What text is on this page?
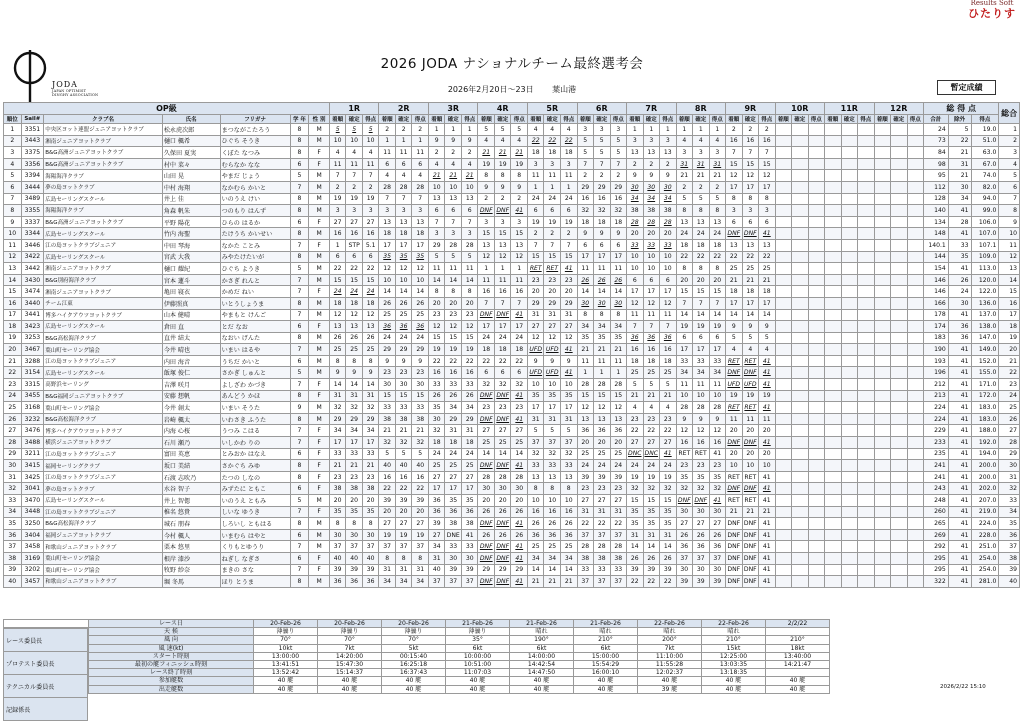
Results Soft
ひたりす
JODA
JAPAN OPTIMIST
DINGHY ASSOCIATION
2026 JODA ナショナルチーム最終選考会
2026年2月20日～23日 葉山港	暫定成績
OP級							1R			2R			3R			4R			5R			6R			7R			8R			9R			10R			11R			12R			総 得 点			総合
順位	Sail#	クラブ名	氏名	フリガナ	学 年	性 別	着順	確定	得点	着順	確定	得点	着順	確定	得点	着順	確定	得点	着順	確定	得点	着順	確定	得点	着順	確定	得点	着順	確定	得点	着順	確定	得点	着順	確定	得点	着順	確定	得点	着順	確定	得点	合計	除外	得点	
1	3351	中央区ヨット連盟ジュニアヨットクラブ	松永虎次郎	まつながこたろう	8	M	5	5	5	2	2	2	1	1	1	5	5	5	4	4	4	3	3	3	1	1	1	1	1	1	2	2	2										24	5	19.0	1
2	3443	湘南ジュニアヨットクラブ	樋口 楓希	ひぐち そうき	8	M	10	10	10	1	1	1	9	9	9	4	4	4	22	22	22	5	5	5	3	3	3	4	4	4	16	16	16										73	22	51.0	2
3	3375	B&G高洲ジュニアヨットクラブ	久保田 夏実	くぼた なつみ	8	F	4	4	4	11	11	11	2	2	2	21	21	21	18	18	18	5	5	5	13	13	13	3	3	3	7	7	7										84	21	63.0	3
4	3356	B&G高洲ジュニアヨットクラブ	村中 菜々	むらなか なな	6	F	11	11	11	6	6	6	4	4	4	19	19	19	3	3	3	7	7	7	2	2	2	31	31	31	15	15	15										98	31	67.0	4
5	3394	海陽海洋クラブ	山田 晃	やまだ じょう	5	M	7	7	7	4	4	4	21	21	21	8	8	8	11	11	11	2	2	2	9	9	9	21	21	21	12	12	12										95	21	74.0	5
6	3444	夢の島ヨットクラブ	中村 海翔	なかむら かいと	7	M	2	2	2	28	28	28	10	10	10	9	9	9	1	1	1	29	29	29	30	30	30	2	2	2	17	17	17										112	30	82.0	6
7	3489	広島セーリングスクール	井上 佳	いのうえ けい	8	M	19	19	19	7	7	7	13	13	13	2	2	2	24	24	24	16	16	16	34	34	34	5	5	5	8	8	8										128	34	94.0	7
8	3355	海陽海洋クラブ	角森 帆朱	つのもり はんず	8	M	3	3	3	3	3	3	6	6	6	DNF	DNF	41	6	6	6	32	32	32	38	38	38	8	8	8	3	3	3										140	41	99.0	8
9	3337	B&G高洲ジュニアヨットクラブ	平野 陽花	ひらの はるか	6	F	27	27	27	13	13	13	7	7	7	3	3	3	19	19	19	18	18	18	28	28	28	13	13	13	6	6	6										134	28	106.0	9
10	3344	広島セーリングスクール	竹内 海聖	たけうち かいせい	8	M	16	16	16	18	18	18	3	3	3	15	15	15	2	2	2	9	9	9	20	20	20	24	24	24	DNF	DNF	41										148	41	107.0	10
11	3446	江の島ヨットクラブジュニア	中田 琴海	なかた ことみ	7	F	1	STP	5.1	17	17	17	29	28	28	13	13	13	7	7	7	6	6	6	33	33	33	18	18	18	13	13	13										140.1	33	107.1	11
12	3422	広島セーリングスクール	宮武 大我	みやたけたいが	8	M	6	6	6	35	35	35	5	5	5	12	12	12	15	15	15	17	17	17	10	10	10	22	22	22	22	22	22										144	35	109.0	12
13	3442	湘南ジュニアヨットクラブ	樋口 耀紀	ひぐち ようき	5	M	22	22	22	12	12	12	11	11	11	1	1	1	RET	RET	41	11	11	11	10	10	10	8	8	8	25	25	25										154	41	113.0	13
14	3430	B&G別府海洋クラブ	宮本 蓮斗	かさぎ れんと	7	M	15	15	15	10	10	10	14	14	14	11	11	11	23	23	23	26	26	26	6	6	6	20	20	20	21	21	21										146	26	120.0	14
15	3474	湘南ジュニアヨットクラブ	亀田 寝衣	かめだ ねい	7	F	24	24	24	14	14	14	8	8	8	16	16	16	20	20	20	14	14	14	17	17	17	15	15	15	18	18	18										146	24	122.0	15
16	3440	チーム江東	伊藤照真	いとうしょうま	8	M	18	18	18	26	26	26	20	20	20	7	7	7	29	29	29	30	30	30	12	12	12	7	7	7	17	17	17										166	30	136.0	16
17	3441	博多ハイクアウツヨットクラブ	山本 健晴	やまもと けんご	7	M	12	12	12	25	25	25	23	23	23	DNF	DNF	41	31	31	31	8	8	8	11	11	11	14	14	14	14	14	14										178	41	137.0	17
18	3423	広島セーリングスクール	倉田 直	とだ なお	6	F	13	13	13	36	36	36	12	12	12	17	17	17	27	27	27	34	34	34	7	7	7	19	19	19	9	9	9										174	36	138.0	18
19	3253	B&G高松海洋クラブ	直井 結太	なおい げんた	8	M	26	26	26	24	24	24	15	15	15	24	24	24	12	12	12	35	35	35	36	36	36	6	6	6	5	5	5										183	36	147.0	19
20	3467	葉山町セーリング協会	今井 晴也	いまい はるや	7	M	25	25	25	29	29	29	19	19	19	18	18	18	UFD	UFD	41	21	21	21	16	16	16	17	17	17	4	4	4										190	41	149.0	20
21	3288	江の島ヨットクラブジュニア	内田 海音	うちだ かいと	6	M	8	8	8	9	9	9	22	22	22	22	22	22	9	9	9	11	11	11	18	18	18	33	33	33	RET	RET	41										193	41	152.0	21
22	3154	広島セーリングスクール	飯塚 俊仁	さかぎ しゅんと	5	M	9	9	9	23	23	23	16	16	16	6	6	6	UFD	UFD	41	1	1	1	25	25	25	34	34	34	DNF	DNF	41										196	41	155.0	22
23	3315	高野浜セーリング	吉澤 咲月	よしざわ かづき	7	F	14	14	14	30	30	30	33	33	33	32	32	32	10	10	10	28	28	28	5	5	5	11	11	11	UFD	UFD	41										212	41	171.0	23
24	3455	B&G福岡ジュニアヨットクラブ	安藤 想帆	あんどう かほ	8	F	31	31	31	15	15	15	26	26	26	DNF	DNF	41	35	35	35	15	15	15	21	21	21	10	10	10	19	19	19										213	41	172.0	24
25	3168	葉山町セーリング協会	今井 創太	いまい そうた	9	M	32	32	32	33	33	33	35	34	34	23	23	23	17	17	17	12	12	12	4	4	4	28	28	28	RET	RET	41										224	41	183.0	25
26	3232	B&G高松海洋クラブ	岩崎 楓太	いわさき ふうた	8	M	29	29	29	38	38	38	30	29	29	DNF	DNF	41	31	31	31	13	13	13	23	23	23	9	9	9	11	11	11										224	41	183.0	26
27	3476	博多ハイクアウツヨットクラブ	内海 心桜	うつみ こはる	7	F	34	34	34	21	21	21	32	31	31	27	27	27	5	5	5	36	36	36	22	22	22	12	12	12	20	20	20										229	41	188.0	27
28	3488	横浜ジュニアヨットクラブ	石川 瀬乃	いしかわ りの	7	F	17	17	17	32	32	32	18	18	18	25	25	25	37	37	37	20	20	20	27	27	27	16	16	16	DNF	DNF	41										233	41	192.0	28
29	3211	江の島ヨットクラブジュニア	富田 英恵	とみおか はなえ	6	F	33	33	33	5	5	5	24	24	24	14	14	14	32	32	32	25	25	25	DNC	DNC	41	RET	RET	41	20	20	20										235	41	194.0	29
30	3415	福岡セーリングクラブ	坂口 美結	さかぐち みゆ	8	F	21	21	21	40	40	40	25	25	25	DNF	DNF	41	33	33	33	24	24	24	24	24	24	23	23	23	10	10	10										241	41	200.0	30
31	3425	江の島ヨットクラブジュニア	石渡 志吹乃	たつの しなの	8	F	23	23	23	16	16	16	27	27	27	28	28	28	13	13	13	39	39	39	19	19	19	35	35	35	RET	RET	41										241	41	200.0	31
32	3041	夢の島ヨットクラブ	水谷 智子	みずたに ともこ	6	F	38	38	38	22	22	22	17	17	17	30	30	30	8	8	8	23	23	23	32	32	32	32	32	32	DNF	DNF	41										243	41	202.0	32
33	3470	広島セーリングスクール	井上 智偲	いのうえ ともみ	5	M	20	20	20	39	39	39	36	35	35	20	20	20	10	10	10	27	27	27	15	15	15	DNF	DNF	41	RET	RET	41										248	41	207.0	33
34	3448	江の島ヨットクラブジュニア	椎名 悠貴	しいな ゆうき	7	F	35	35	35	20	20	20	36	36	36	26	26	26	16	16	16	31	31	31	35	35	35	30	30	30	21	21	21										260	41	219.0	34
35	3250	B&G高松海洋クラブ	城石 朋春	しろいし ともはる	8	M	8	8	8	27	27	27	39	38	38	DNF	DNF	41	26	26	26	22	22	22	35	35	35	27	27	27	DNF	DNF	41										265	41	224.0	35
36	3404	福岡ジュニアヨットクラブ	今村 楓人	いまむら はやと	6	M	30	30	30	19	19	19	27	DNE	41	26	26	26	36	36	36	37	37	37	31	31	31	26	26	26	DNF	DNF	41										269	41	228.0	36
37	3458	和歌山ジュニアヨットクラブ	栗本 悠里	くりもとゆうり	7	M	37	37	37	37	37	37	34	33	33	DNF	DNF	41	25	25	25	28	28	28	14	14	14	36	36	36	DNF	DNF	41										292	41	251.0	37
38	3169	葉山町セーリング協会	根岸 漆沙	ねぎし なぎさ	6	F	40	40	40	8	8	8	31	30	30	DNF	DNF	41	34	34	34	38	38	38	26	26	26	37	37	37	DNF	DNF	41										295	41	254.0	38
39	3202	葉山町セーリング協会	牧野 紗奈	まきの さな	7	F	39	39	39	31	31	31	40	39	39	29	29	29	14	14	14	33	33	33	39	39	39	30	30	30	DNF	DNF	41										295	41	254.0	39
40	3457	和歌山ジュニアヨットクラブ	堀 冬馬	ほり とうま	8	M	36	36	36	34	34	34	37	37	37	DNF	DNF	41	21	21	21	37	37	37	22	22	22	39	39	39	DNF	DNF	41										322	41	281.0	40
	レース日	20-Feb-26	20-Feb-26	20-Feb-26	21-Feb-26	21-Feb-26	21-Feb-26	22-Feb-26	22-Feb-26	2/2/22
	天 候	薄曇り	薄曇り	薄曇り	薄曇り	晴れ	晴れ	晴れ	晴れ	
	風 向	70°	70°	70°	35°	190°	210°	200°	210°	210°
	風 速(kt)	10kt	7kt	5kt	6kt	6kt	6kt	7kt	15kt	18kt
	スタート時刻	13:00:00	14:20:00	00:15:40	10:00:00	14:00:00	15:00:00	11:10:00	12:25:00	13:40:00
	最初の艇フィニッシュ時刻	13:41:51	15:47:30	16:25:18	10:51:00	14:42:54	15:54:29	11:55:28	13:03:35	14:21:47
	レース終了時刻	13:52:42	15:14:37	16:37:43	11:07:03	14:47:50	16:00:10	12:02:37	13:18:35	
	参加艇数	40 艇	40 艇	40 艇	40 艇	40 艇	40 艇	40 艇	40 艇	40 艇
	出走艇数	40 艇	40 艇	40 艇	40 艇	40 艇	40 艇	39 艇	40 艇	40 艇
レース委員長
プロテスト委員長
テクニカル委員長
記録係長
2026/2/22 15:10
